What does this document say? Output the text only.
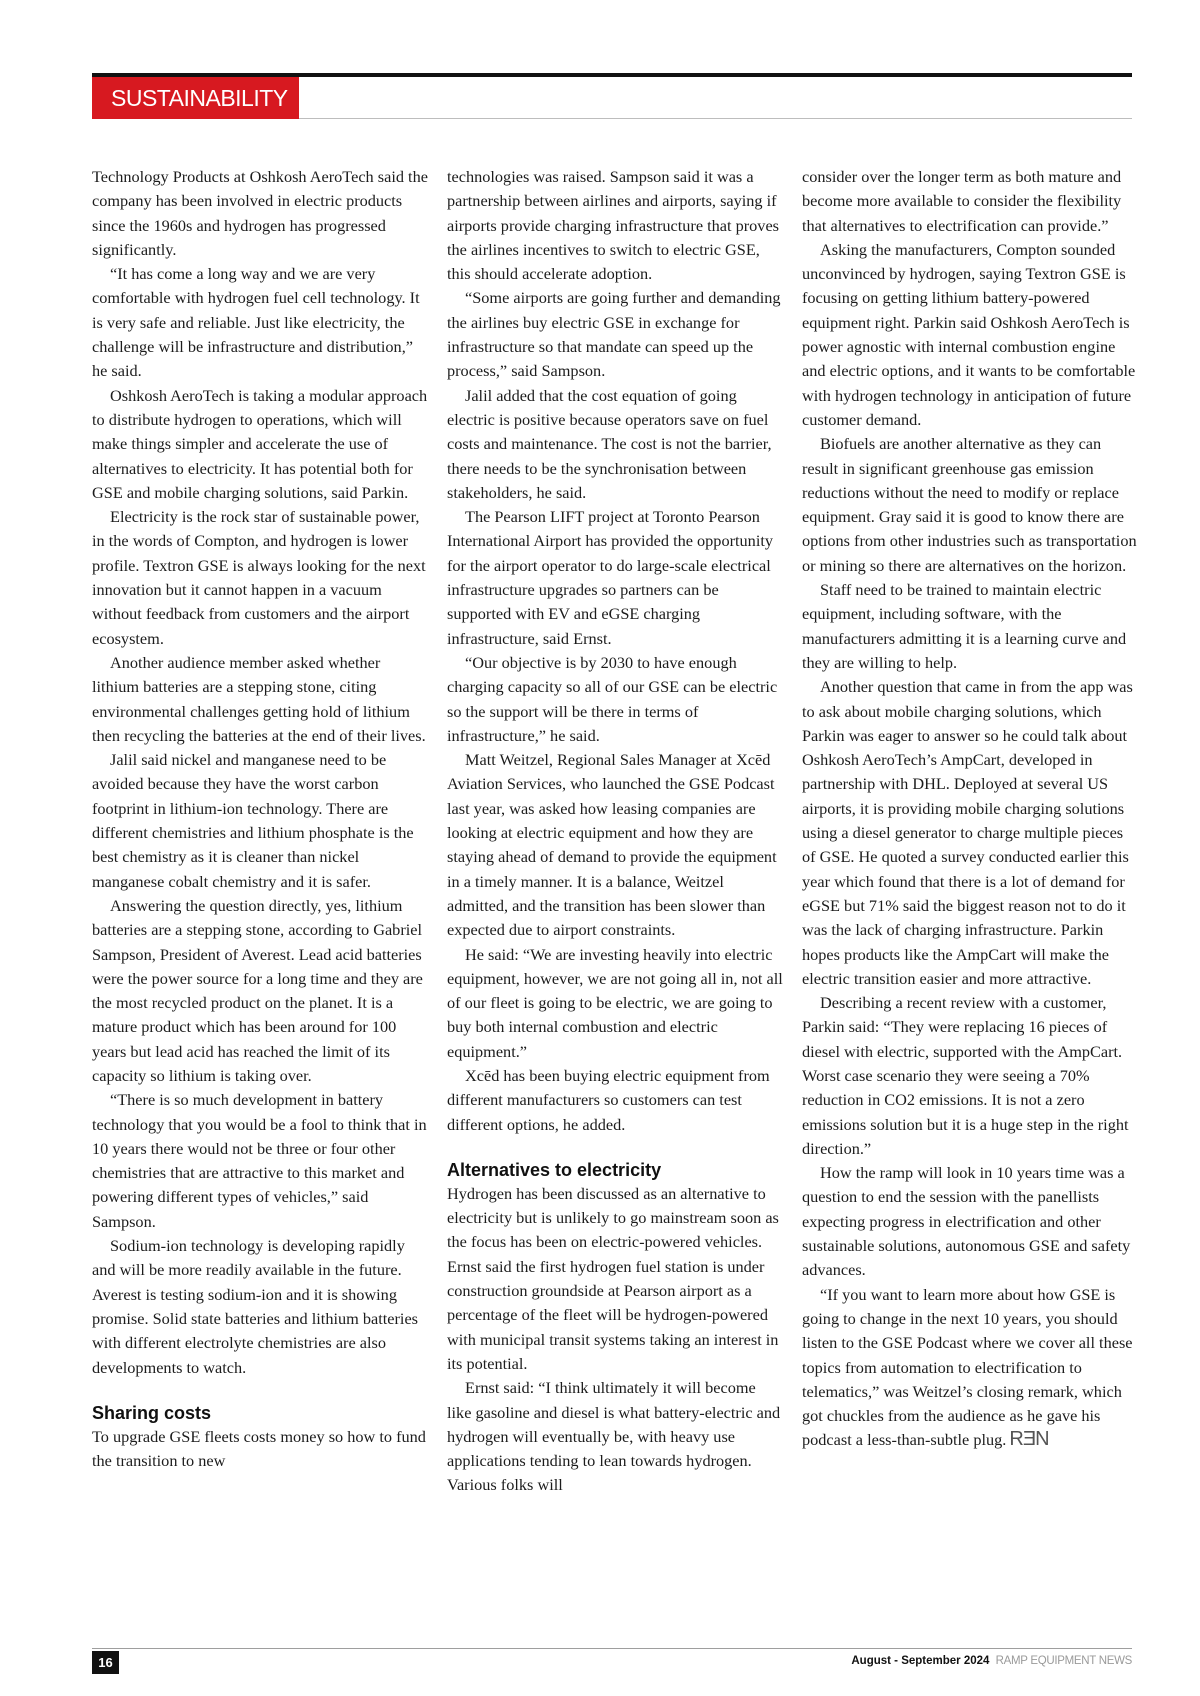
SUSTAINABILITY

Technology Products at Oshkosh AeroTech said the company has been involved in electric products since the 1960s and hydrogen has progressed significantly.

“It has come a long way and we are very comfortable with hydrogen fuel cell technology. It is very safe and reliable. Just like electricity, the challenge will be infrastructure and distribution,” he said.

Oshkosh AeroTech is taking a modular approach to distribute hydrogen to operations, which will make things simpler and accelerate the use of alternatives to electricity. It has potential both for GSE and mobile charging solutions, said Parkin.

Electricity is the rock star of sustainable power, in the words of Compton, and hydrogen is lower profile. Textron GSE is always looking for the next innovation but it cannot happen in a vacuum without feedback from customers and the airport ecosystem.

Another audience member asked whether lithium batteries are a stepping stone, citing environmental challenges getting hold of lithium then recycling the batteries at the end of their lives.

Jalil said nickel and manganese need to be avoided because they have the worst carbon footprint in lithium-ion technology. There are different chemistries and lithium phosphate is the best chemistry as it is cleaner than nickel manganese cobalt chemistry and it is safer.

Answering the question directly, yes, lithium batteries are a stepping stone, according to Gabriel Sampson, President of Averest. Lead acid batteries were the power source for a long time and they are the most recycled product on the planet. It is a mature product which has been around for 100 years but lead acid has reached the limit of its capacity so lithium is taking over.

“There is so much development in battery technology that you would be a fool to think that in 10 years there would not be three or four other chemistries that are attractive to this market and powering different types of vehicles,” said Sampson.

Sodium-ion technology is developing rapidly and will be more readily available in the future. Averest is testing sodium-ion and it is showing promise. Solid state batteries and lithium batteries with different electrolyte chemistries are also developments to watch.

Sharing costs

To upgrade GSE fleets costs money so how to fund the transition to new

technologies was raised. Sampson said it was a partnership between airlines and airports, saying if airports provide charging infrastructure that proves the airlines incentives to switch to electric GSE, this should accelerate adoption.

“Some airports are going further and demanding the airlines buy electric GSE in exchange for infrastructure so that mandate can speed up the process,” said Sampson.

Jalil added that the cost equation of going electric is positive because operators save on fuel costs and maintenance. The cost is not the barrier, there needs to be the synchronisation between stakeholders, he said.

The Pearson LIFT project at Toronto Pearson International Airport has provided the opportunity for the airport operator to do large-scale electrical infrastructure upgrades so partners can be supported with EV and eGSE charging infrastructure, said Ernst.

“Our objective is by 2030 to have enough charging capacity so all of our GSE can be electric so the support will be there in terms of infrastructure,” he said.

Matt Weitzel, Regional Sales Manager at Xcēd Aviation Services, who launched the GSE Podcast last year, was asked how leasing companies are looking at electric equipment and how they are staying ahead of demand to provide the equipment in a timely manner. It is a balance, Weitzel admitted, and the transition has been slower than expected due to airport constraints.

He said: “We are investing heavily into electric equipment, however, we are not going all in, not all of our fleet is going to be electric, we are going to buy both internal combustion and electric equipment.”

Xcēd has been buying electric equipment from different manufacturers so customers can test different options, he added.

Alternatives to electricity

Hydrogen has been discussed as an alternative to electricity but is unlikely to go mainstream soon as the focus has been on electric-powered vehicles. Ernst said the first hydrogen fuel station is under construction groundside at Pearson airport as a percentage of the fleet will be hydrogen-powered with municipal transit systems taking an interest in its potential.

Ernst said: “I think ultimately it will become like gasoline and diesel is what battery-electric and hydrogen will eventually be, with heavy use applications tending to lean towards hydrogen. Various folks will

consider over the longer term as both mature and become more available to consider the flexibility that alternatives to electrification can provide.”

Asking the manufacturers, Compton sounded unconvinced by hydrogen, saying Textron GSE is focusing on getting lithium battery-powered equipment right. Parkin said Oshkosh AeroTech is power agnostic with internal combustion engine and electric options, and it wants to be comfortable with hydrogen technology in anticipation of future customer demand.

Biofuels are another alternative as they can result in significant greenhouse gas emission reductions without the need to modify or replace equipment. Gray said it is good to know there are options from other industries such as transportation or mining so there are alternatives on the horizon.

Staff need to be trained to maintain electric equipment, including software, with the manufacturers admitting it is a learning curve and they are willing to help.

Another question that came in from the app was to ask about mobile charging solutions, which Parkin was eager to answer so he could talk about Oshkosh AeroTech’s AmpCart, developed in partnership with DHL. Deployed at several US airports, it is providing mobile charging solutions using a diesel generator to charge multiple pieces of GSE. He quoted a survey conducted earlier this year which found that there is a lot of demand for eGSE but 71% said the biggest reason not to do it was the lack of charging infrastructure. Parkin hopes products like the AmpCart will make the electric transition easier and more attractive.

Describing a recent review with a customer, Parkin said: “They were replacing 16 pieces of diesel with electric, supported with the AmpCart. Worst case scenario they were seeing a 70% reduction in CO2 emissions. It is not a zero emissions solution but it is a huge step in the right direction.”

How the ramp will look in 10 years time was a question to end the session with the panellists expecting progress in electrification and other sustainable solutions, autonomous GSE and safety advances.

“If you want to learn more about how GSE is going to change in the next 10 years, you should listen to the GSE Podcast where we cover all these topics from automation to electrification to telematics,” was Weitzel’s closing remark, which got chuckles from the audience as he gave his podcast a less-than-subtle plug. RƎN

16	August - September 2024 RAMP EQUIPMENT NEWS
